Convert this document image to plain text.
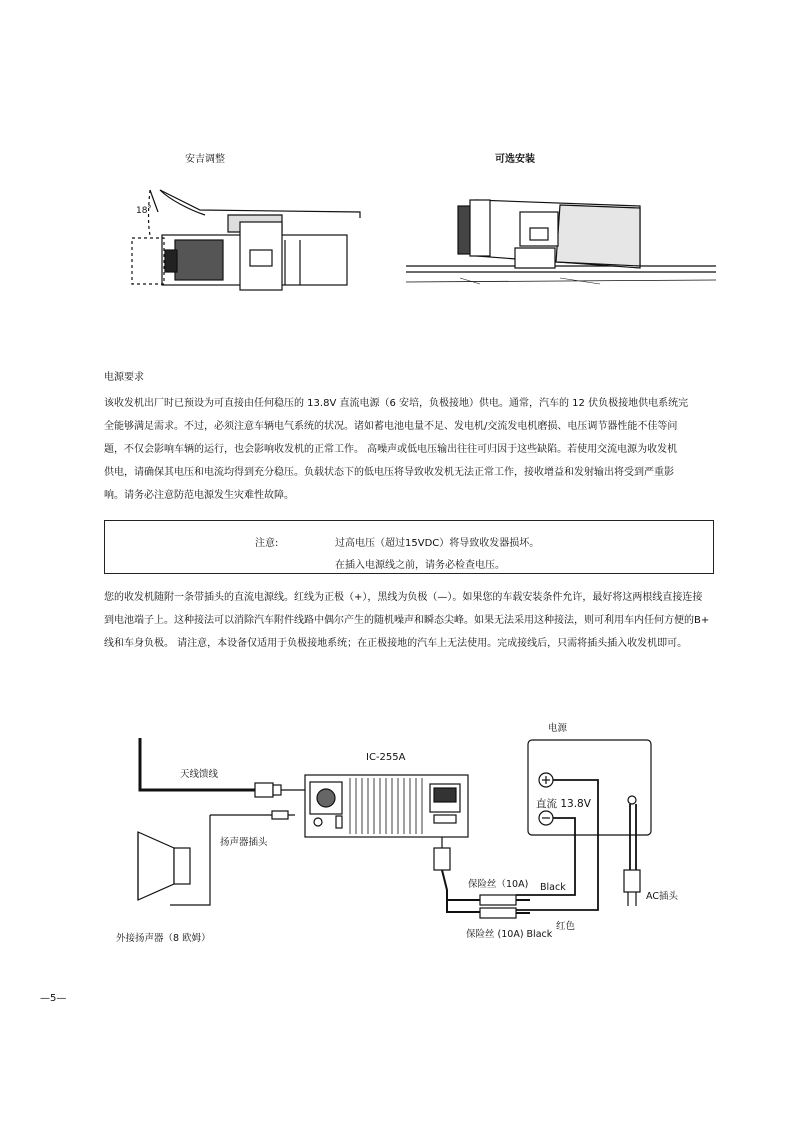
安吉调整	可选安装
18˚
电源要求
该收发机出厂时已预设为可直接由任何稳压的 13.8V 直流电源（6 安培，负极接地）供电。通常，汽车的 12 伏负极接地供电系统完
全能够满足需求。不过，必须注意车辆电气系统的状况。诸如蓄电池电量不足、发电机/交流发电机磨损、电压调节器性能不佳等问
题，不仅会影响车辆的运行，也会影响收发机的正常工作。 高噪声或低电压输出往往可归因于这些缺陷。若使用交流电源为收发机
供电，请确保其电压和电流均得到充分稳压。负载状态下的低电压将导致收发机无法正常工作，接收增益和发射输出将受到严重影
响。请务必注意防范电源发生灾难性故障。
注意:	过高电压（超过15VDC）将导致收发器损坏。
在插入电源线之前，请务必检查电压。
您的收发机随附一条带插头的直流电源线。红线为正极（+），黑线为负极（—）。如果您的车载安装条件允许，最好将这两根线直接连接
到电池端子上。这种接法可以消除汽车附件线路中偶尔产生的随机噪声和瞬态尖峰。如果无法采用这种接法，则可利用车内任何方便的B+
线和车身负极。 请注意，本设备仅适用于负极接地系统；在正极接地的汽车上无法使用。完成接线后，只需将插头插入收发机即可。
电源
IC-255A
天线馈线
直流 13.8V
扬声器插头
保险丝（10A) Black
AC插头
红色
保险丝 (10A) Black
外接扬声器（8 欧姆）
—5—
